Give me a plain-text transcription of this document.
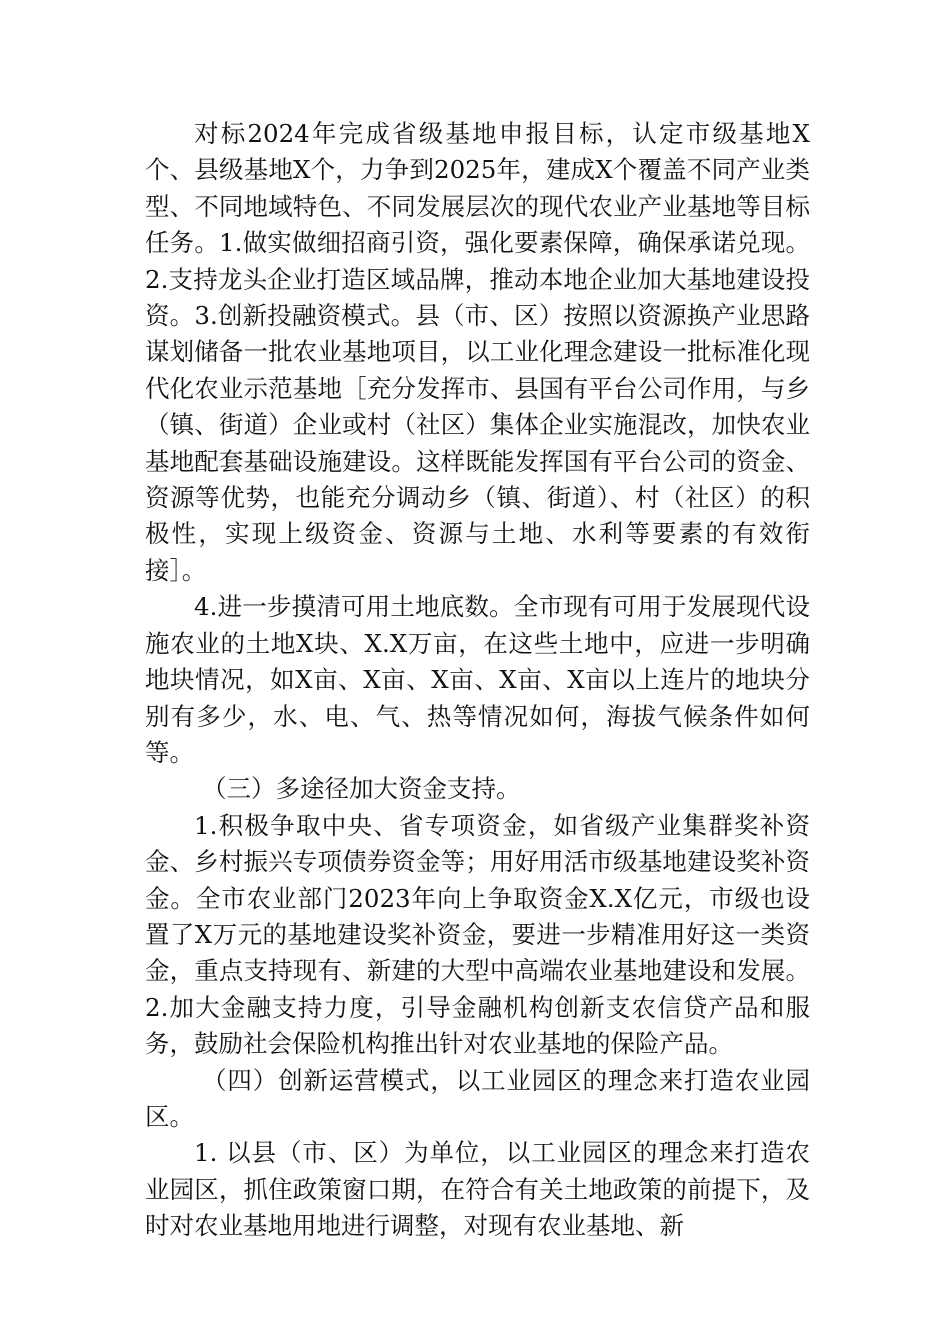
对标2024年完成省级基地申报目标，认定市级基地X个、县级基地X个，力争到2025年，建成X个覆盖不同产业类型、不同地域特色、不同发展层次的现代农业产业基地等目标任务。1.做实做细招商引资，强化要素保障，确保承诺兑现。2.支持龙头企业打造区域品牌，推动本地企业加大基地建设投资。3.创新投融资模式。县（市、区）按照以资源换产业思路谋划储备一批农业基地项目，以工业化理念建设一批标准化现代化农业示范基地［充分发挥市、县国有平台公司作用，与乡（镇、街道）企业或村（社区）集体企业实施混改，加快农业基地配套基础设施建设。这样既能发挥国有平台公司的资金、资源等优势，也能充分调动乡（镇、街道）、村（社区）的积极性，实现上级资金、资源与土地、水利等要素的有效衔接］。

4.进一步摸清可用土地底数。全市现有可用于发展现代设施农业的土地X块、X.X万亩，在这些土地中，应进一步明确地块情况，如X亩、X亩、X亩、X亩、X亩以上连片的地块分别有多少，水、电、气、热等情况如何，海拔气候条件如何等。

（三）多途径加大资金支持。

1.积极争取中央、省专项资金，如省级产业集群奖补资金、乡村振兴专项债券资金等；用好用活市级基地建设奖补资金。全市农业部门2023年向上争取资金X.X亿元，市级也设置了X万元的基地建设奖补资金，要进一步精准用好这一类资金，重点支持现有、新建的大型中高端农业基地建设和发展。2.加大金融支持力度，引导金融机构创新支农信贷产品和服务，鼓励社会保险机构推出针对农业基地的保险产品。

（四）创新运营模式，以工业园区的理念来打造农业园区。

1. 以县（市、区）为单位，以工业园区的理念来打造农业园区，抓住政策窗口期，在符合有关土地政策的前提下，及时对农业基地用地进行调整，对现有农业基地、新
